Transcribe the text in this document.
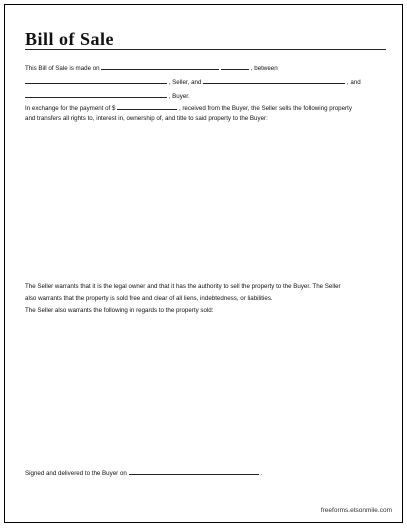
Bill of Sale
This Bill of Sale is made on	, between
, Seller, and	, and
, Buyer.
In exchange for the payment of $	, received from the Buyer, the Seller sells the following property
and transfers all rights to, interest in, ownership of, and title to said property to the Buyer:
The Seller warrants that it is the legal owner and that it has the authority to sell the property to the Buyer. The Seller
also warrants that the property is sold free and clear of all liens, indebtedness, or liabilities.
The Seller also warrants the following in regards to the property sold:
Signed and delivered to the Buyer on	.
freeforms.etsonmile.com
